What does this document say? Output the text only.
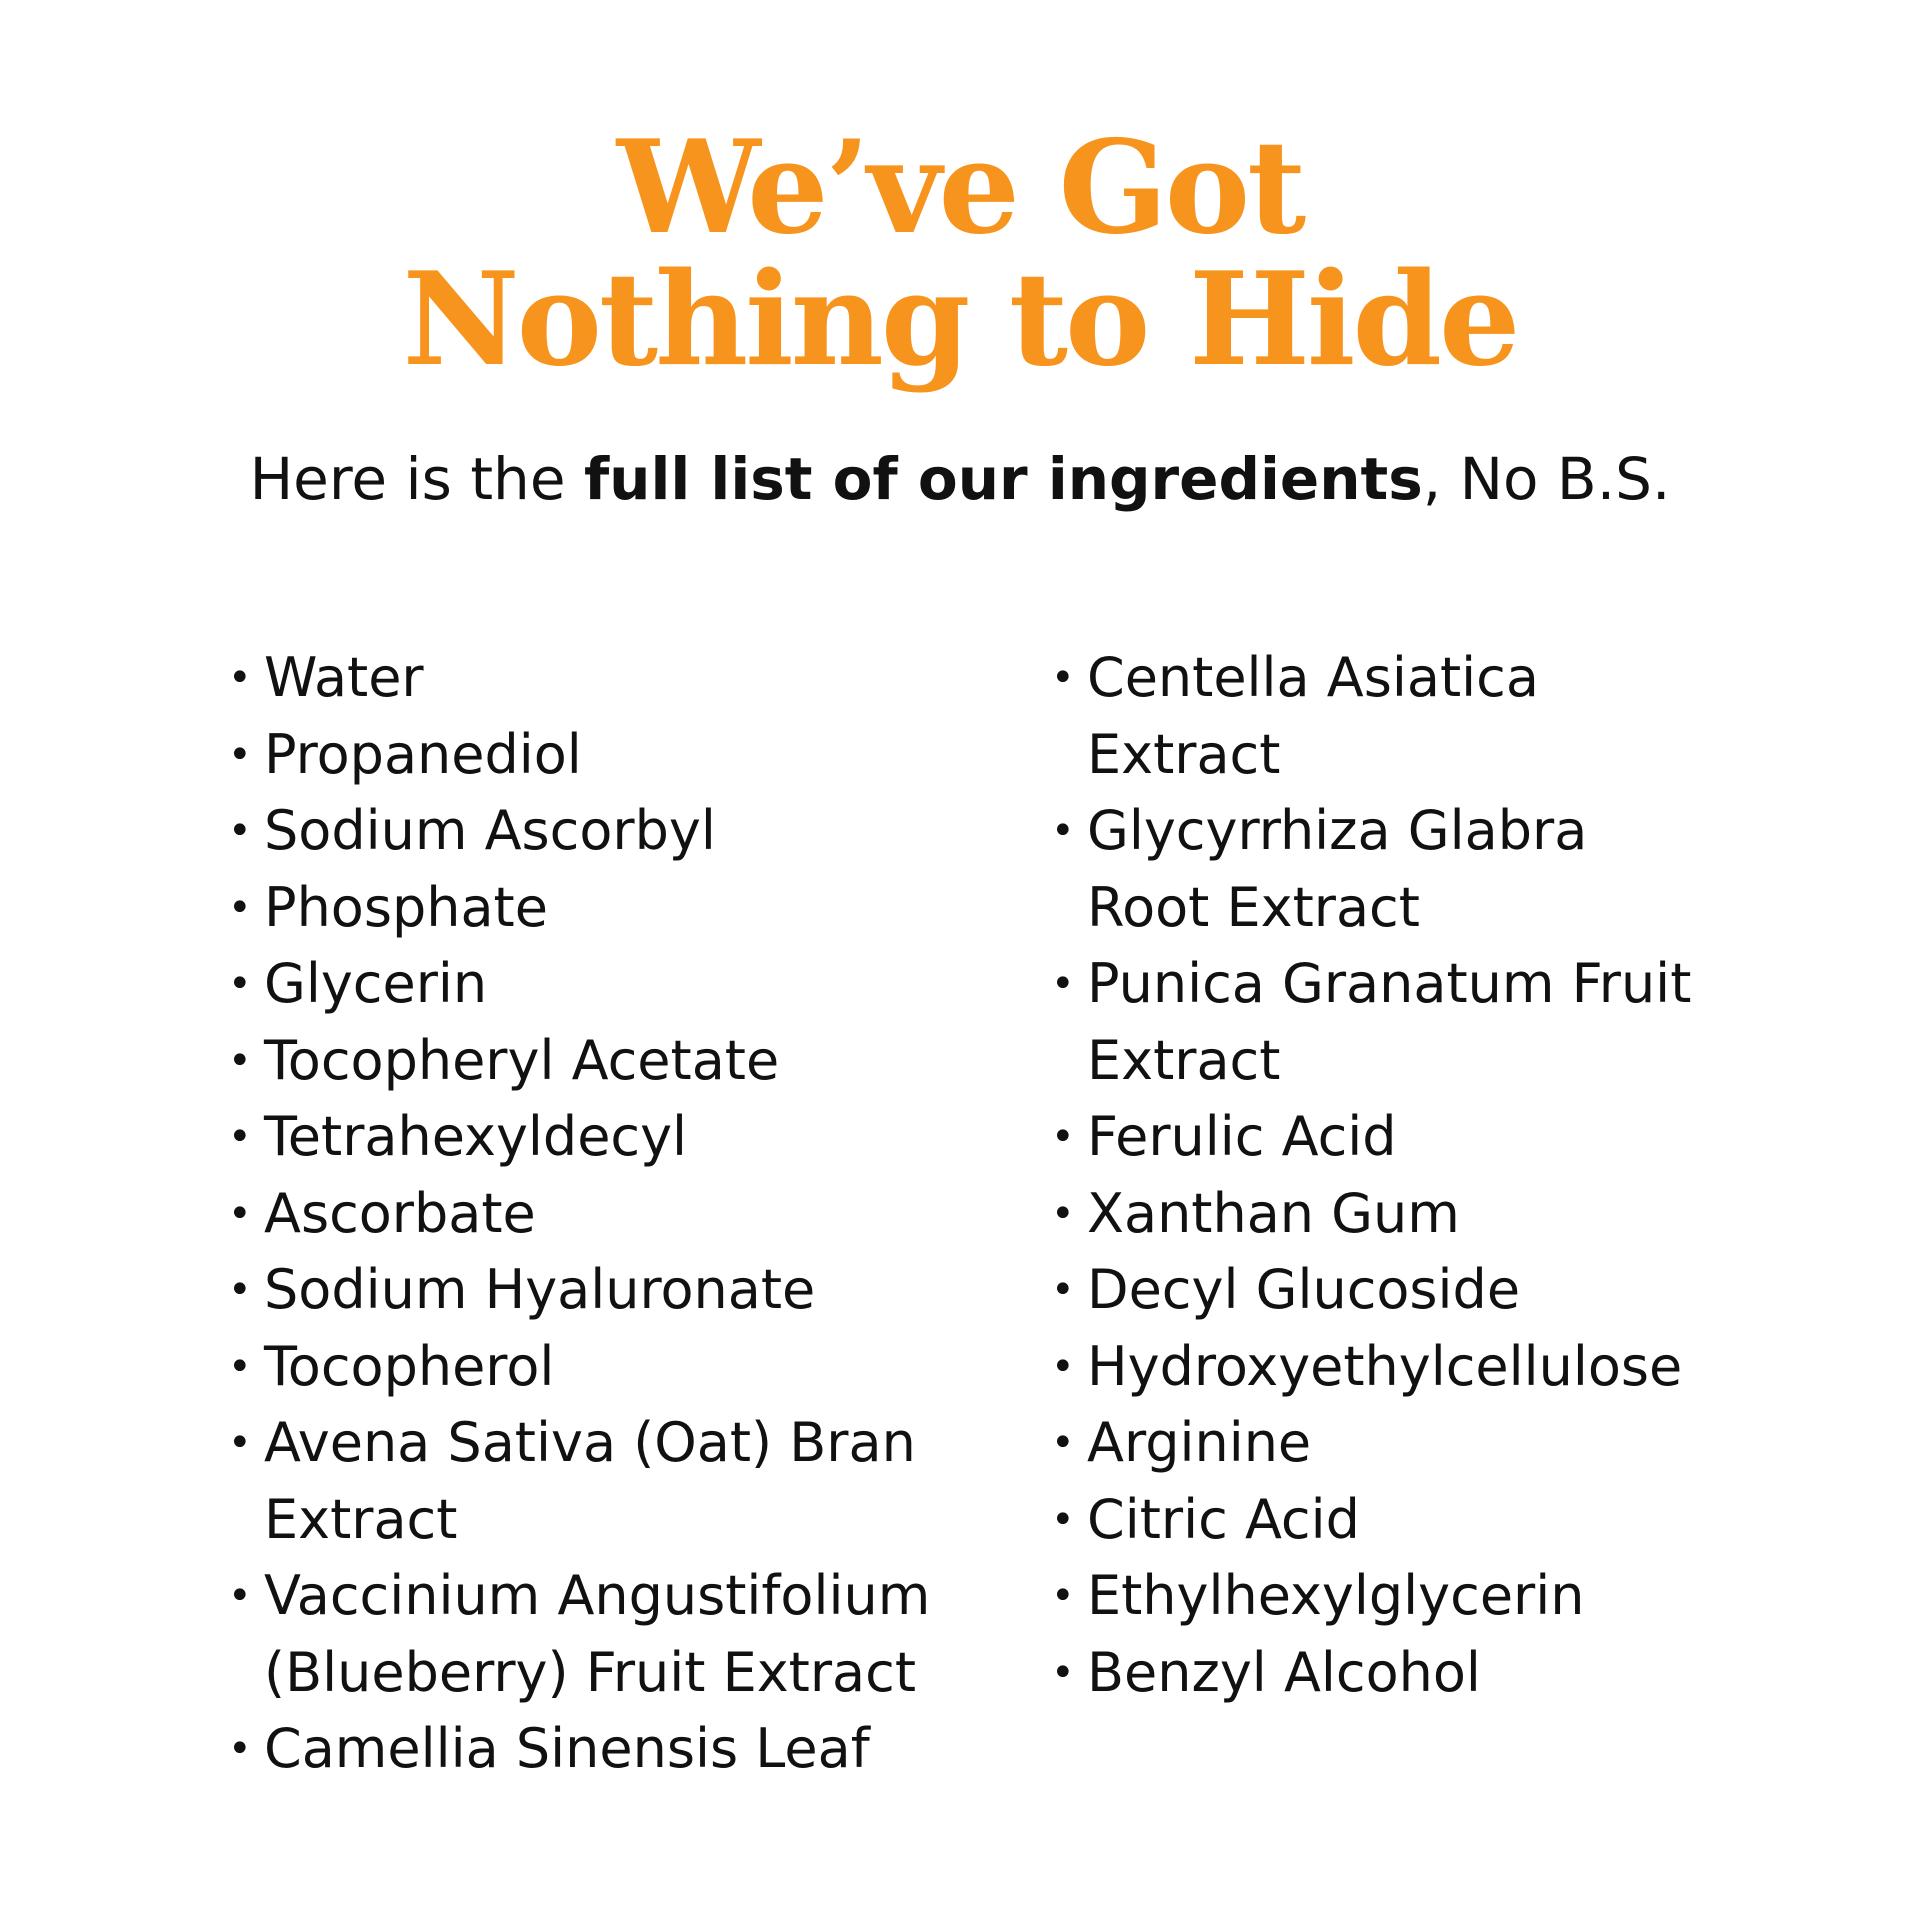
We’ve Got
Nothing to Hide
Here is the full list of our ingredients, No B.S.
• Water
• Propanediol
• Sodium Ascorbyl
• Phosphate
• Glycerin
• Tocopheryl Acetate
• Tetrahexyldecyl
• Ascorbate
• Sodium Hyaluronate
• Tocopherol
• Avena Sativa (Oat) Bran
Extract
• Vaccinium Angustifolium
(Blueberry) Fruit Extract
• Camellia Sinensis Leaf
• Centella Asiatica
Extract
• Glycyrrhiza Glabra
Root Extract
• Punica Granatum Fruit
Extract
• Ferulic Acid
• Xanthan Gum
• Decyl Glucoside
• Hydroxyethylcellulose
• Arginine
• Citric Acid
• Ethylhexylglycerin
• Benzyl Alcohol
